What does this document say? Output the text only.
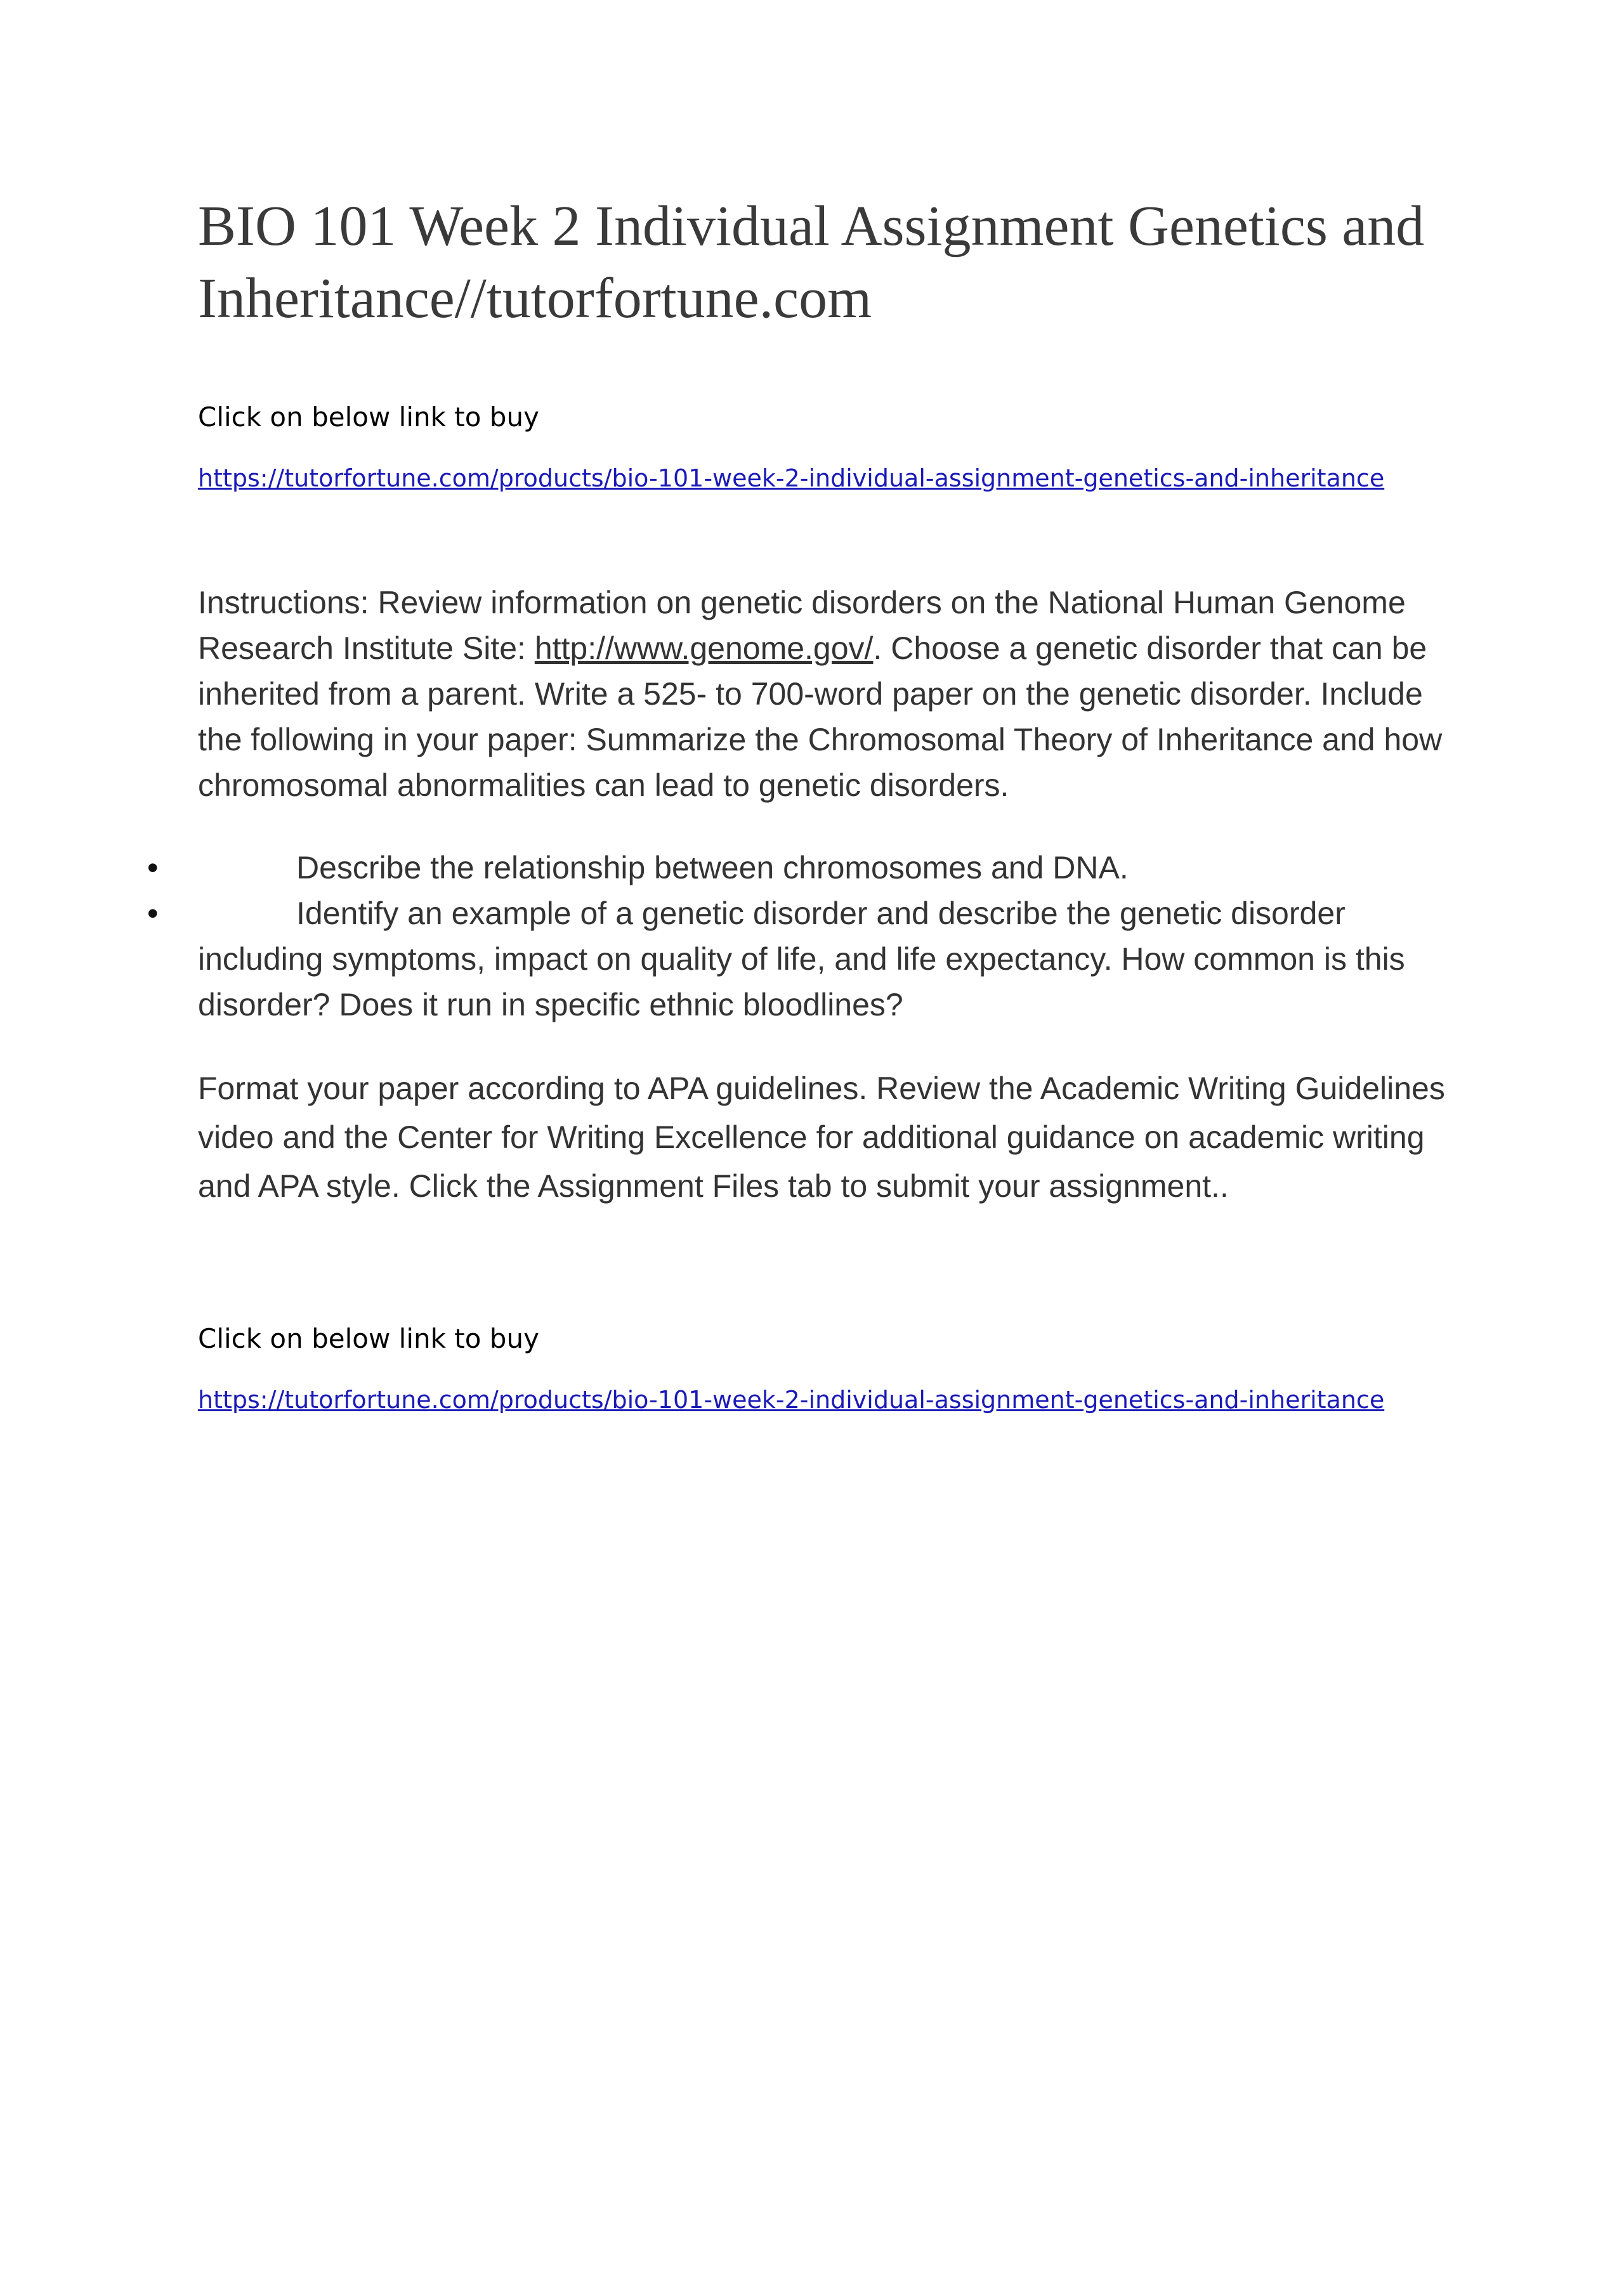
BIO 101 Week 2 Individual Assignment Genetics and Inheritance//tutorfortune.com

Click on below link to buy

https://tutorfortune.com/products/bio-101-week-2-individual-assignment-genetics-and-inheritance

Instructions: Review information on genetic disorders on the National Human Genome Research Institute Site: http://www.genome.gov/. Choose a genetic disorder that can be inherited from a parent. Write a 525- to 700-word paper on the genetic disorder. Include the following in your paper: Summarize the Chromosomal Theory of Inheritance and how chromosomal abnormalities can lead to genetic disorders.

•	Describe the relationship between chromosomes and DNA.

•	Identify an example of a genetic disorder and describe the genetic disorder including symptoms, impact on quality of life, and life expectancy. How common is this disorder? Does it run in specific ethnic bloodlines?

Format your paper according to APA guidelines. Review the Academic Writing Guidelines video and the Center for Writing Excellence for additional guidance on academic writing and APA style. Click the Assignment Files tab to submit your assignment..

Click on below link to buy

https://tutorfortune.com/products/bio-101-week-2-individual-assignment-genetics-and-inheritance
